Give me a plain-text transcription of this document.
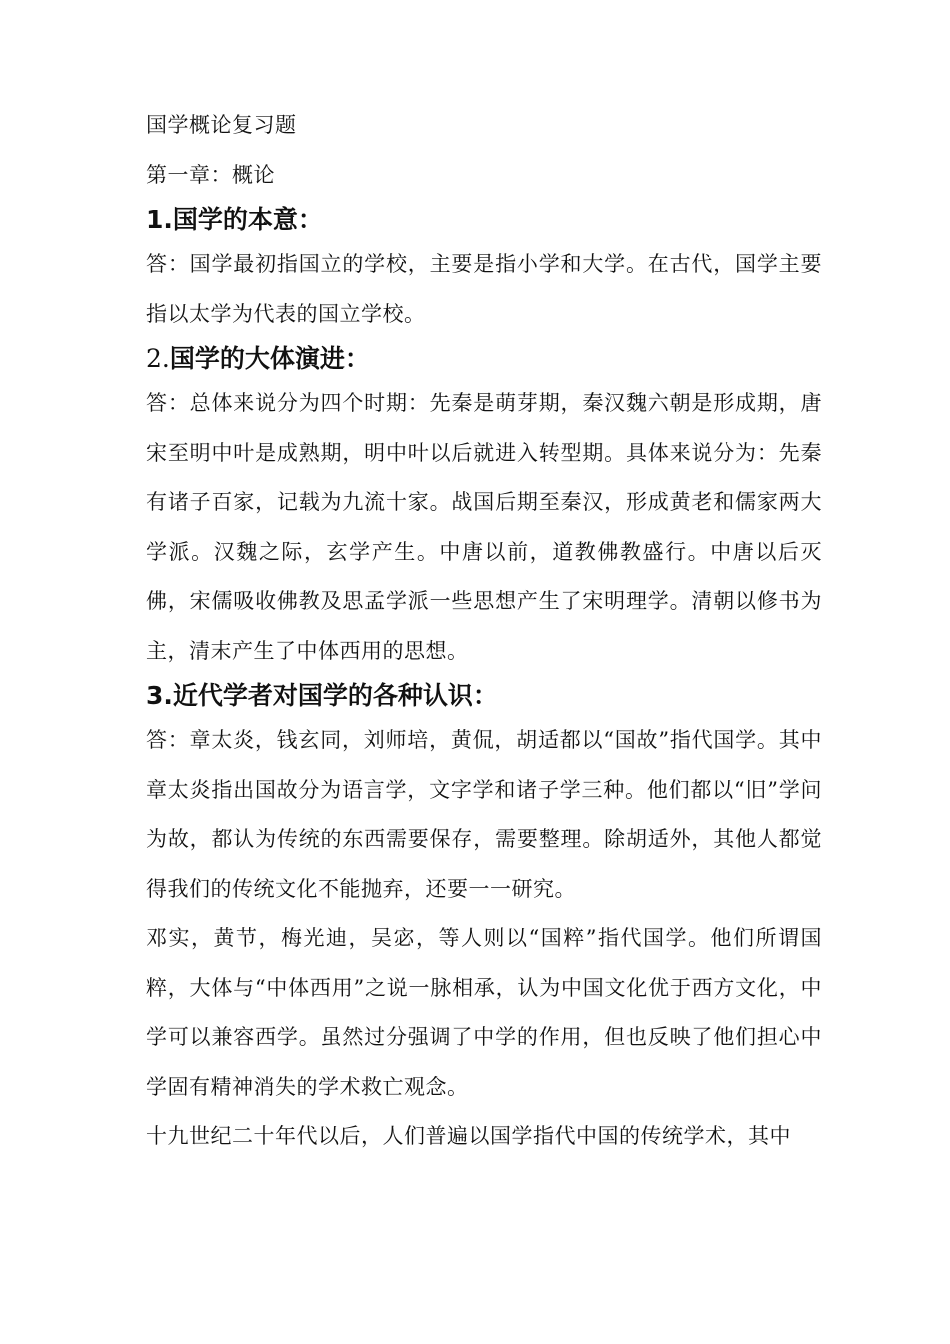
国学概论复习题

第一章：概论

1.国学的本意：

答：国学最初指国立的学校，主要是指小学和大学。在古代，国学主要指以太学为代表的国立学校。

2.国学的大体演进：

答：总体来说分为四个时期：先秦是萌芽期，秦汉魏六朝是形成期，唐宋至明中叶是成熟期，明中叶以后就进入转型期。具体来说分为：先秦有诸子百家，记载为九流十家。战国后期至秦汉，形成黄老和儒家两大学派。汉魏之际，玄学产生。中唐以前，道教佛教盛行。中唐以后灭佛，宋儒吸收佛教及思孟学派一些思想产生了宋明理学。清朝以修书为主，清末产生了中体西用的思想。

3.近代学者对国学的各种认识：

答：章太炎，钱玄同，刘师培，黄侃，胡适都以“国故”指代国学。其中章太炎指出国故分为语言学，文字学和诸子学三种。他们都以“旧”学问为故，都认为传统的东西需要保存，需要整理。除胡适外，其他人都觉得我们的传统文化不能抛弃，还要一一研究。

邓实，黄节，梅光迪，吴宓，等人则以“国粹”指代国学。他们所谓国粹，大体与“中体西用”之说一脉相承，认为中国文化优于西方文化，中学可以兼容西学。虽然过分强调了中学的作用，但也反映了他们担心中学固有精神消失的学术救亡观念。

十九世纪二十年代以后，人们普遍以国学指代中国的传统学术，其中
